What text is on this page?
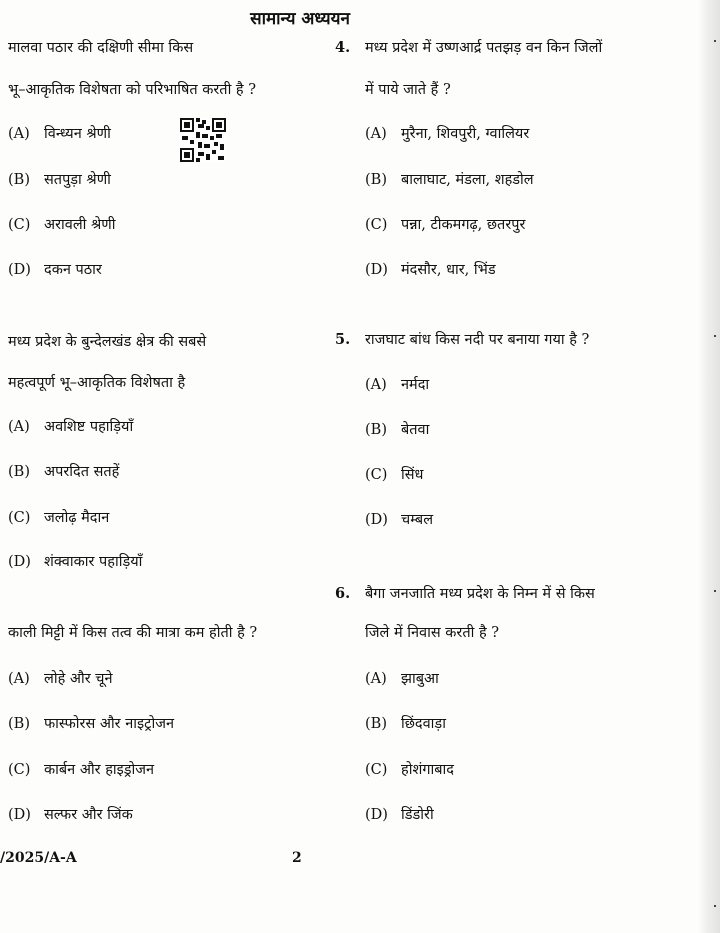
सामान्य अध्ययन
मालवा पठार की दक्षिणी सीमा किस
भू–आकृतिक विशेषता को परिभाषित करती है ?
(A) विन्ध्यन श्रेणी
(B) सतपुड़ा श्रेणी
(C) अरावली श्रेणी
(D) दकन पठार
मध्य प्रदेश के बुन्देलखंड क्षेत्र की सबसे
महत्वपूर्ण भू–आकृतिक विशेषता है
(A) अवशिष्ट पहाड़ियाँ
(B) अपरदित सतहें
(C) जलोढ़ मैदान
(D) शंक्वाकार पहाड़ियाँ
काली मिट्टी में किस तत्व की मात्रा कम होती है ?
(A) लोहे और चूने
(B) फास्फोरस और नाइट्रोजन
(C) कार्बन और हाइड्रोजन
(D) सल्फर और जिंक
4. मध्य प्रदेश में उष्णआर्द्र पतझड़ वन किन जिलों
में पाये जाते हैं ?
(A) मुरैना, शिवपुरी, ग्वालियर
(B) बालाघाट, मंडला, शहडोल
(C) पन्ना, टीकमगढ़, छतरपुर
(D) मंदसौर, धार, भिंड
5. राजघाट बांध किस नदी पर बनाया गया है ?
(A) नर्मदा
(B) बेतवा
(C) सिंध
(D) चम्बल
6. बैगा जनजाति मध्य प्रदेश के निम्न में से किस
जिले में निवास करती है ?
(A) झाबुआ
(B) छिंदवाड़ा
(C) होशंगाबाद
(D) डिंडोरी
/2025/A-A	2
